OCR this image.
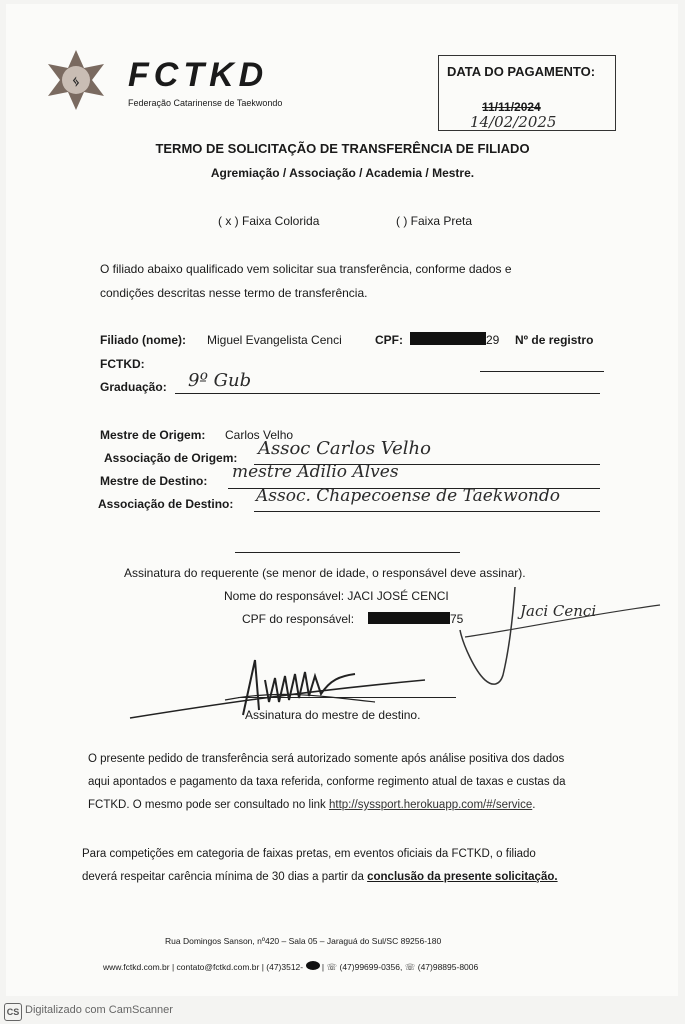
ᛃ FCTKD
Federação Catarinense de Taekwondo
DATA DO PAGAMENTO:
11/11/2024
14/02/2025
TERMO DE SOLICITAÇÃO DE TRANSFERÊNCIA DE FILIADO
Agremiação / Associação / Academia / Mestre.
( x ) Faixa Colorida	( ) Faixa Preta
O filiado abaixo qualificado vem solicitar sua transferência, conforme dados e
condições descritas nesse termo de transferência.
Filiado (nome): Miguel Evangelista Cenci	CPF:	29 Nº de registro
FCTKD:
Graduação: 9º Gub
Mestre de Origem: Carlos Velho
Associação de Origem: Assoc Carlos Velho
Mestre de Destino: mestre Adilio Alves
Associação de Destino: Assoc. Chapecoense de Taekwondo
Assinatura do requerente (se menor de idade, o responsável deve assinar).
Nome do responsável: JACI JOSÉ CENCI
CPF do responsável:	75	Jaci Cenci
Assinatura do mestre de destino.
O presente pedido de transferência será autorizado somente após análise positiva dos dados
aqui apontados e pagamento da taxa referida, conforme regimento atual de taxas e custas da
FCTKD. O mesmo pode ser consultado no link http://syssport.herokuapp.com/#/service.
Para competições em categoria de faixas pretas, em eventos oficiais da FCTKD, o filiado
deverá respeitar carência mínima de 30 dias a partir da conclusão da presente solicitação.
Rua Domingos Sanson, nº420 – Sala 05 – Jaraguá do Sul/SC 89256-180
www.fctkd.com.br | contato@fctkd.com.br | (47)3512- | ☏ (47)99699-0356, ☏ (47)98895-8006
CS Digitalizado com CamScanner
